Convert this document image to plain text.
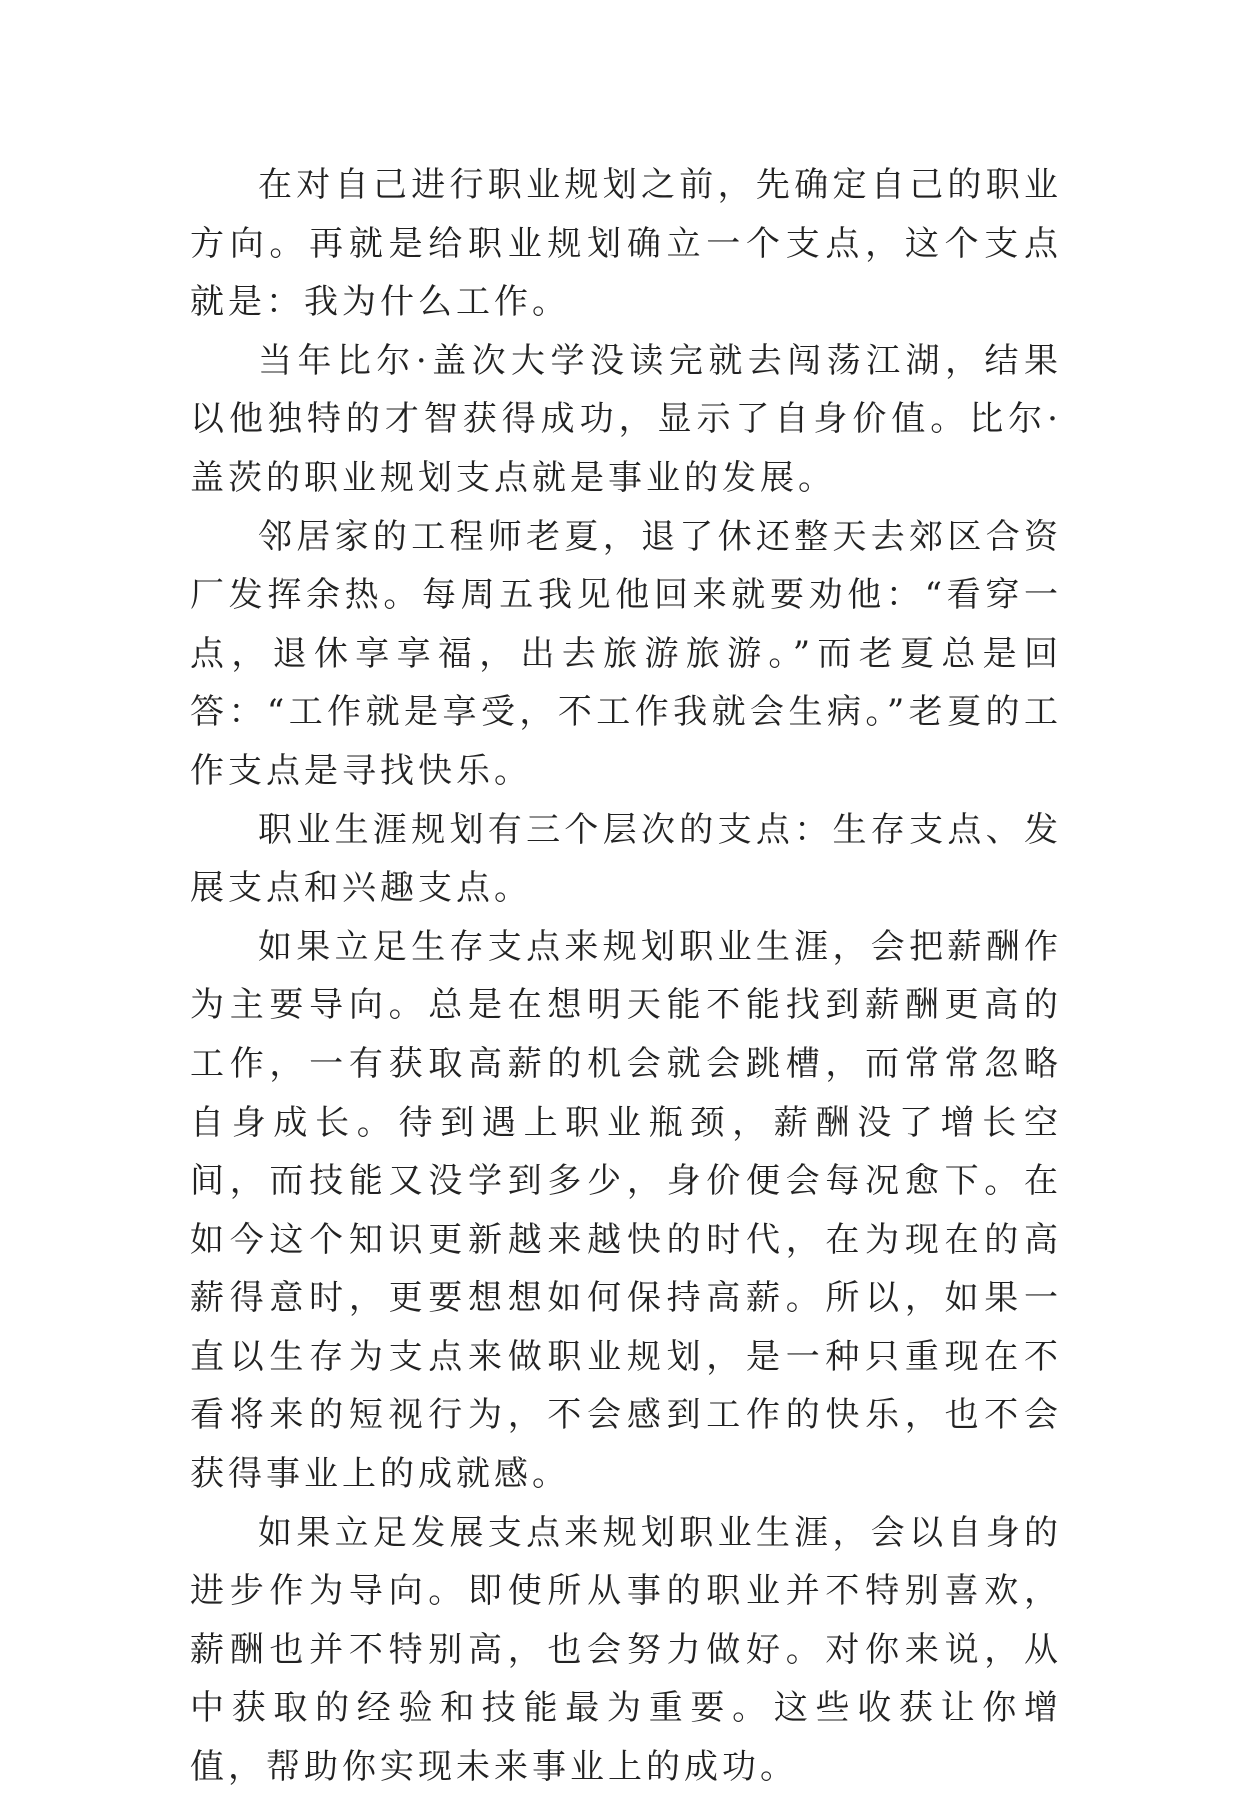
在对自己进行职业规划之前，先确定自己的职业方向。再就是给职业规划确立一个支点，这个支点就是：我为什么工作。

当年比尔·盖次大学没读完就去闯荡江湖，结果以他独特的才智获得成功，显示了自身价值。比尔·盖茨的职业规划支点就是事业的发展。

邻居家的工程师老夏，退了休还整天去郊区合资厂发挥余热。每周五我见他回来就要劝他：“看穿一点，退休享享福，出去旅游旅游。”而老夏总是回答：“工作就是享受，不工作我就会生病。”老夏的工作支点是寻找快乐。

职业生涯规划有三个层次的支点：生存支点、发展支点和兴趣支点。

如果立足生存支点来规划职业生涯，会把薪酬作为主要导向。总是在想明天能不能找到薪酬更高的工作，一有获取高薪的机会就会跳槽，而常常忽略自身成长。待到遇上职业瓶颈，薪酬没了增长空间，而技能又没学到多少，身价便会每况愈下。在如今这个知识更新越来越快的时代，在为现在的高薪得意时，更要想想如何保持高薪。所以，如果一直以生存为支点来做职业规划，是一种只重现在不看将来的短视行为，不会感到工作的快乐，也不会获得事业上的成就感。

如果立足发展支点来规划职业生涯，会以自身的进步作为导向。即使所从事的职业并不特别喜欢，薪酬也并不特别高，也会努力做好。对你来说，从中获取的经验和技能最为重要。这些收获让你增值，帮助你实现未来事业上的成功。
